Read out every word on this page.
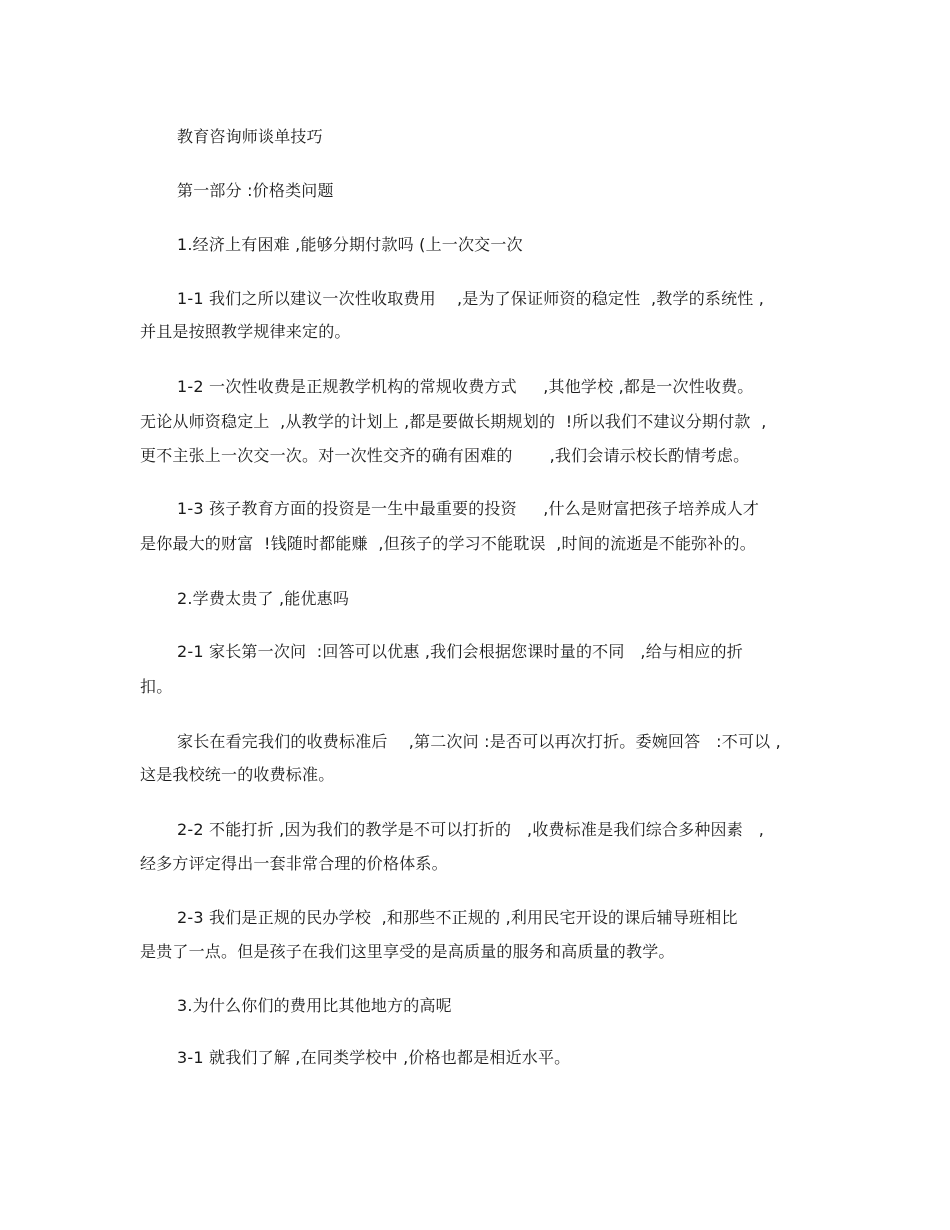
教育咨询师谈单技巧
第一部分 :价格类问题
1.经济上有困难 ,能够分期付款吗 (上一次交一次
1-1 我们之所以建议一次性收取费用    ,是为了保证师资的稳定性  ,教学的系统性 ,
并且是按照教学规律来定的。
1-2 一次性收费是正规教学机构的常规收费方式     ,其他学校 ,都是一次性收费。
无论从师资稳定上  ,从教学的计划上 ,都是要做长期规划的  !所以我们不建议分期付款  ,
更不主张上一次交一次。对一次性交齐的确有困难的       ,我们会请示校长酌情考虑。
1-3 孩子教育方面的投资是一生中最重要的投资     ,什么是财富把孩子培养成人才
是你最大的财富  !钱随时都能赚  ,但孩子的学习不能耽误  ,时间的流逝是不能弥补的。
2.学费太贵了 ,能优惠吗
2-1 家长第一次问  :回答可以优惠 ,我们会根据您课时量的不同   ,给与相应的折
扣。
家长在看完我们的收费标准后    ,第二次问 :是否可以再次打折。委婉回答   :不可以 ,
这是我校统一的收费标准。
2-2 不能打折 ,因为我们的教学是不可以打折的   ,收费标准是我们综合多种因素   ,
经多方评定得出一套非常合理的价格体系。
2-3 我们是正规的民办学校  ,和那些不正规的 ,利用民宅开设的课后辅导班相比
是贵了一点。但是孩子在我们这里享受的是高质量的服务和高质量的教学。
3.为什么你们的费用比其他地方的高呢
3-1 就我们了解 ,在同类学校中 ,价格也都是相近水平。
